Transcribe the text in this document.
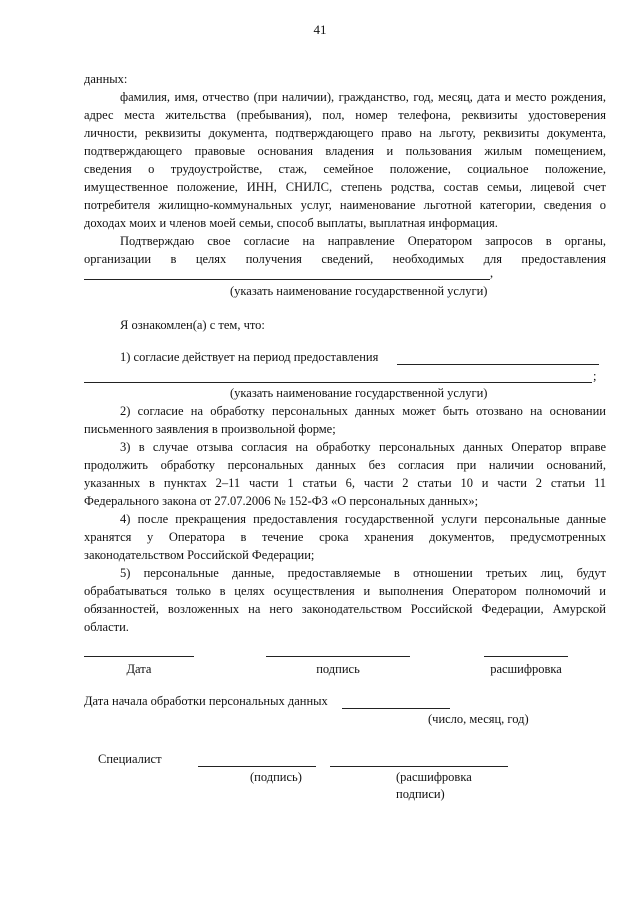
41
данных:
фамилия, имя, отчество (при наличии), гражданство, год, месяц, дата и место рождения,
адрес места жительства (пребывания), пол, номер телефона, реквизиты удостоверения
личности, реквизиты документа, подтверждающего право на льготу, реквизиты документа,
подтверждающего правовые основания владения и пользования жилым помещением,
сведения о трудоустройстве, стаж, семейное положение, социальное положение,
имущественное положение, ИНН, СНИЛС, степень родства, состав семьи, лицевой счет
потребителя жилищно-коммунальных услуг, наименование льготной категории, сведения о
доходах моих и членов моей семьи, способ выплаты, выплатная информация.
Подтверждаю свое согласие на направление Оператором запросов в органы,
организации в целях получения сведений, необходимых для предоставления
,
(указать наименование государственной услуги)
Я ознакомлен(а) с тем, что:
1) согласие действует на период предоставления
;
(указать наименование государственной услуги)
2) согласие на обработку персональных данных может быть отозвано на основании
письменного заявления в произвольной форме;
3) в случае отзыва согласия на обработку персональных данных Оператор вправе
продолжить обработку персональных данных без согласия при наличии оснований,
указанных в пунктах 2–11 части 1 статьи 6, части 2 статьи 10 и части 2 статьи 11
Федерального закона от 27.07.2006 № 152-ФЗ «О персональных данных»;
4) после прекращения предоставления государственной услуги персональные данные
хранятся у Оператора в течение срока хранения документов, предусмотренных
законодательством Российской Федерации;
5) персональные данные, предоставляемые в отношении третьих лиц, будут
обрабатываться только в целях осуществления и выполнения Оператором полномочий и
обязанностей, возложенных на него законодательством Российской Федерации, Амурской
области.
Дата	подпись	расшифровка
Дата начала обработки персональных данных
(число, месяц, год)
Специалист
(подпись)	(расшифровка
подписи)
